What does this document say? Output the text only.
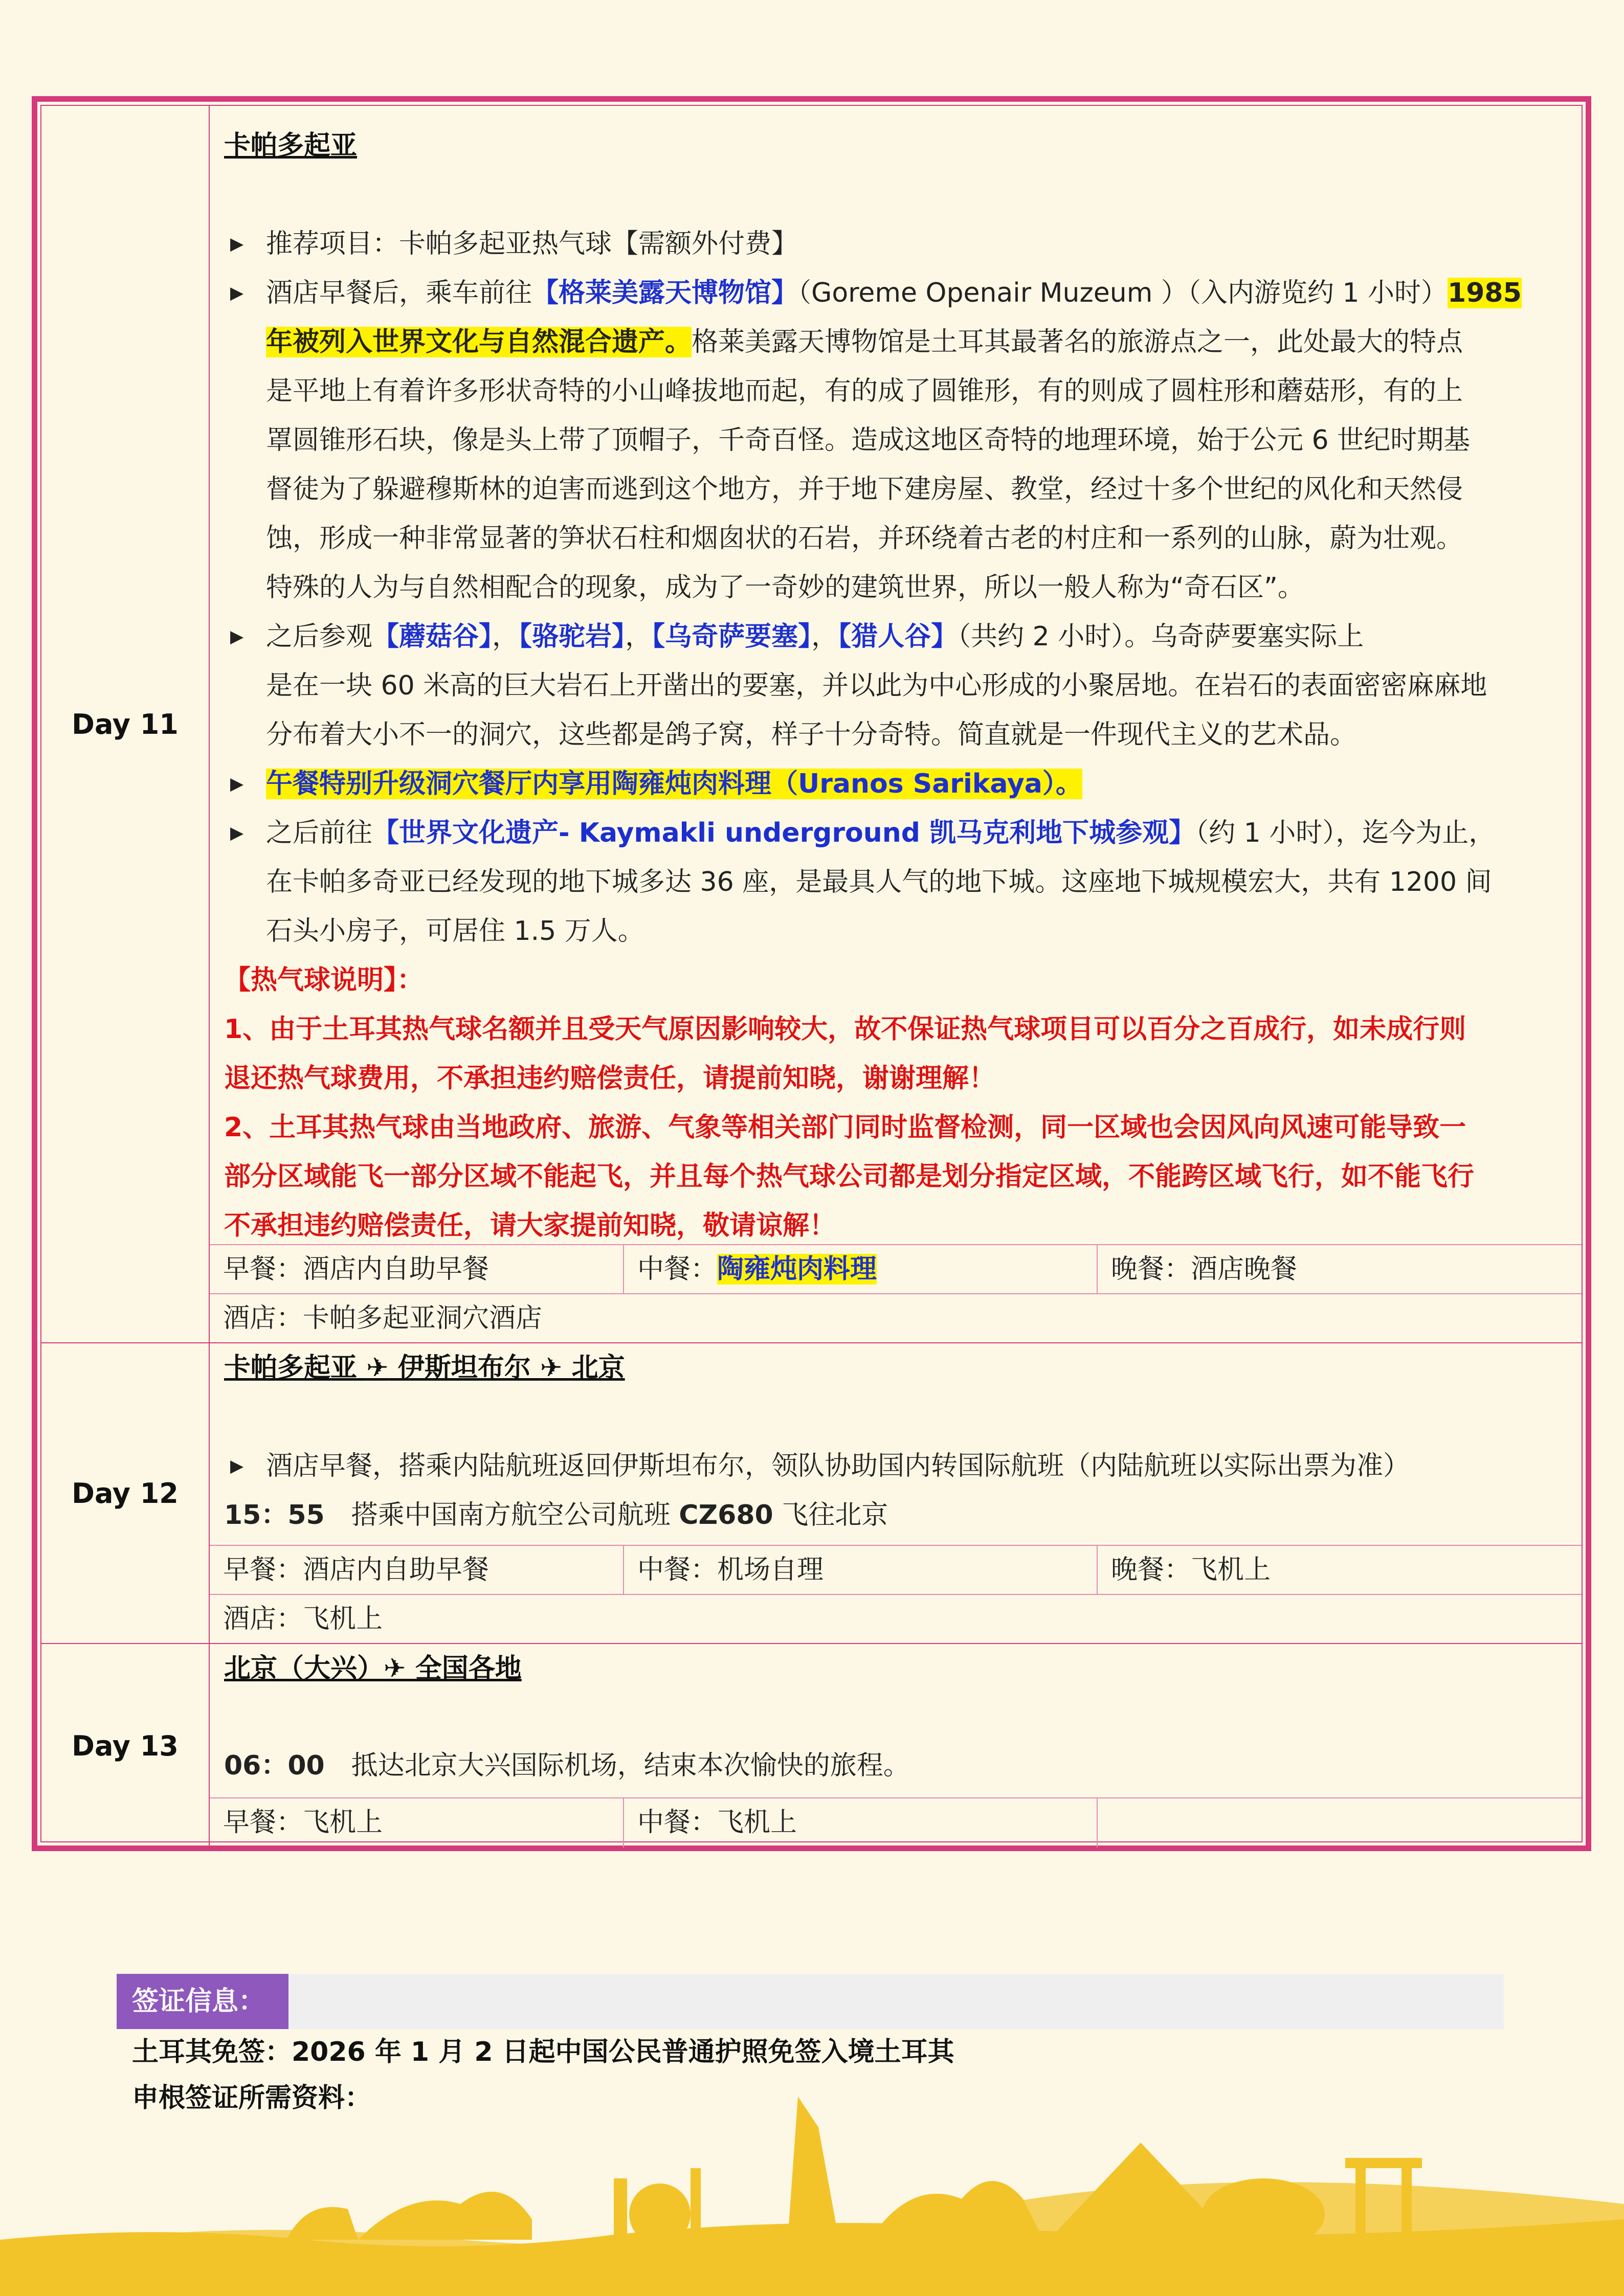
Day 11
卡帕多起亚
▶ 推荐项目：卡帕多起亚热气球【需额外付费】
▶ 酒店早餐后，乘车前往【格莱美露天博物馆】（Goreme Openair Muzeum ）（入内游览约 1 小时）1985
年被列入世界文化与自然混合遗产。格莱美露天博物馆是土耳其最著名的旅游点之一，此处最大的特点
是平地上有着许多形状奇特的小山峰拔地而起，有的成了圆锥形，有的则成了圆柱形和蘑菇形，有的上
罩圆锥形石块，像是头上带了顶帽子，千奇百怪。造成这地区奇特的地理环境，始于公元 6 世纪时期基
督徒为了躲避穆斯林的迫害而逃到这个地方，并于地下建房屋、教堂，经过十多个世纪的风化和天然侵
蚀，形成一种非常显著的笋状石柱和烟囱状的石岩，并环绕着古老的村庄和一系列的山脉，蔚为壮观。
特殊的人为与自然相配合的现象，成为了一奇妙的建筑世界，所以一般人称为“奇石区”。
▶ 之后参观【蘑菇谷】，【骆驼岩】，【乌奇萨要塞】，【猎人谷】（共约 2 小时）。乌奇萨要塞实际上
是在一块 60 米高的巨大岩石上开凿出的要塞，并以此为中心形成的小聚居地。在岩石的表面密密麻麻地
分布着大小不一的洞穴，这些都是鸽子窝，样子十分奇特。简直就是一件现代主义的艺术品。
▶ 午餐特别升级洞穴餐厅内享用陶雍炖肉料理（Uranos Sarikaya）。
▶ 之后前往【世界文化遗产- Kaymakli underground 凯马克利地下城参观】（约 1 小时），迄今为止，
在卡帕多奇亚已经发现的地下城多达 36 座，是最具人气的地下城。这座地下城规模宏大，共有 1200 间
石头小房子，可居住 1.5 万人。
【热气球说明】：
1、由于土耳其热气球名额并且受天气原因影响较大，故不保证热气球项目可以百分之百成行，如未成行则
退还热气球费用，不承担违约赔偿责任，请提前知晓，谢谢理解！
2、土耳其热气球由当地政府、旅游、气象等相关部门同时监督检测，同一区域也会因风向风速可能导致一
部分区域能飞一部分区域不能起飞，并且每个热气球公司都是划分指定区域，不能跨区域飞行，如不能飞行
不承担违约赔偿责任，请大家提前知晓，敬请谅解！
早餐：酒店内自助早餐	中餐：陶雍炖肉料理	晚餐：酒店晚餐
酒店：卡帕多起亚洞穴酒店
Day 12
卡帕多起亚 ✈ 伊斯坦布尔 ✈ 北京
▶ 酒店早餐，搭乘内陆航班返回伊斯坦布尔，领队协助国内转国际航班（内陆航班以实际出票为准）
15：55　 搭乘中国南方航空公司航班 CZ680 飞往北京
早餐：酒店内自助早餐	中餐：机场自理	晚餐：飞机上
酒店：飞机上
Day 13
北京（大兴）✈ 全国各地
06：00　 抵达北京大兴国际机场，结束本次愉快的旅程。
早餐：飞机上	中餐：飞机上
签证信息：
土耳其免签：2026 年 1 月 2 日起中国公民普通护照免签入境土耳其
申根签证所需资料：
